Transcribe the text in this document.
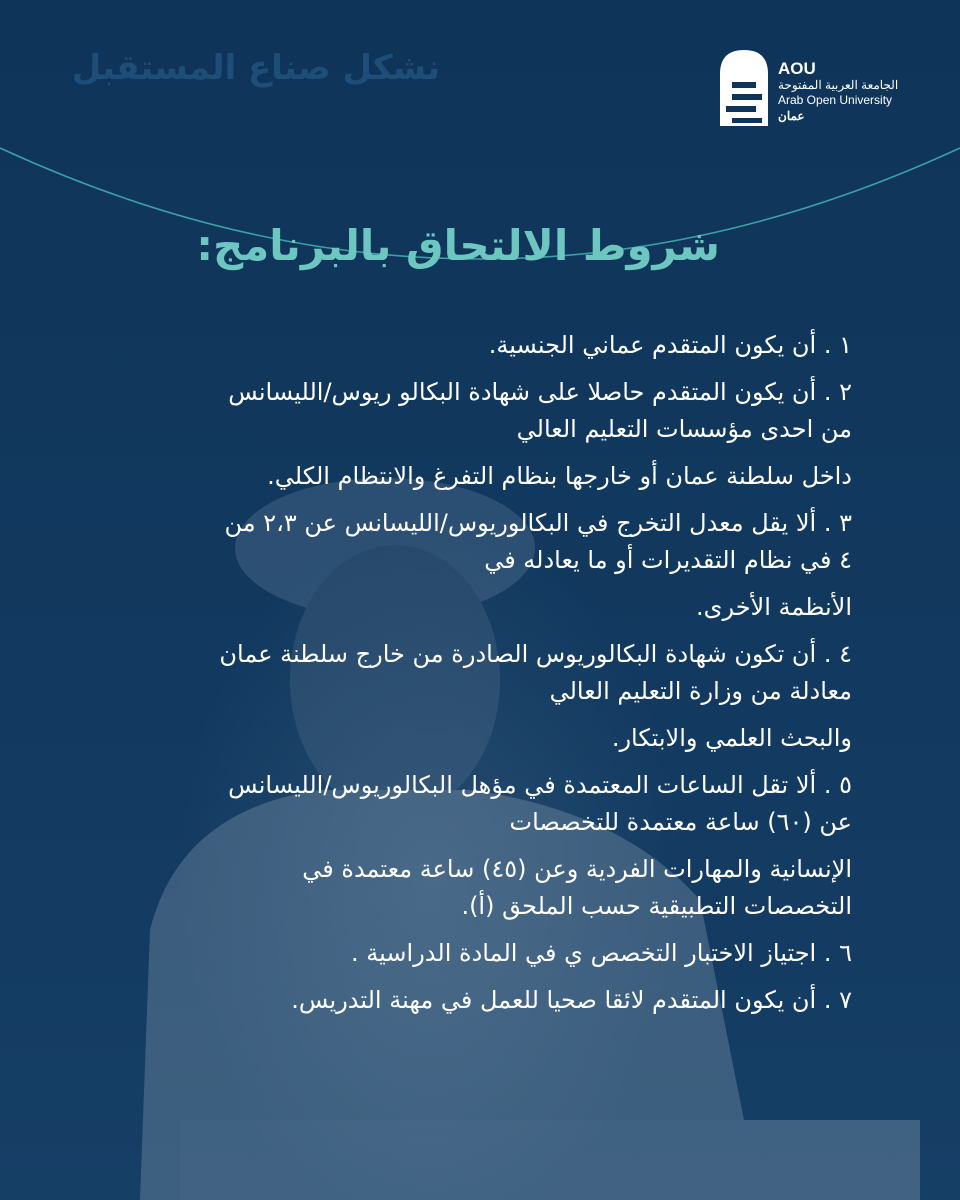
نشكل صناع المستقبل	AOU
الجامعة العربية المفتوحة
Arab Open University
عمان
شروط الالتحاق بالبرنامج:
١ . أن يكون المتقدم عماني الجنسية.
٢ . أن يكون المتقدم حاصلا على شهادة البكالو ريوس/الليسانس
من احدى مؤسسات التعليم العالي
داخل سلطنة عمان أو خارجها بنظام التفرغ والانتظام الكلي.
٣ . ألا يقل معدل التخرج في البكالوريوس/الليسانس عن ٢،٣ من
٤ في نظام التقديرات أو ما يعادله في
الأنظمة الأخرى.
٤ . أن تكون شهادة البكالوريوس الصادرة من خارج سلطنة عمان
معادلة من وزارة التعليم العالي
والبحث العلمي والابتكار.
٥ . ألا تقل الساعات المعتمدة في مؤهل البكالوريوس/الليسانس
عن (٦٠) ساعة معتمدة للتخصصات
الإنسانية والمهارات الفردية وعن (٤٥) ساعة معتمدة في
التخصصات التطبيقية حسب الملحق (أ).
٦ . اجتياز الاختبار التخصص ي في المادة الدراسية .
٧ . أن يكون المتقدم لائقا صحيا للعمل في مهنة التدريس.
